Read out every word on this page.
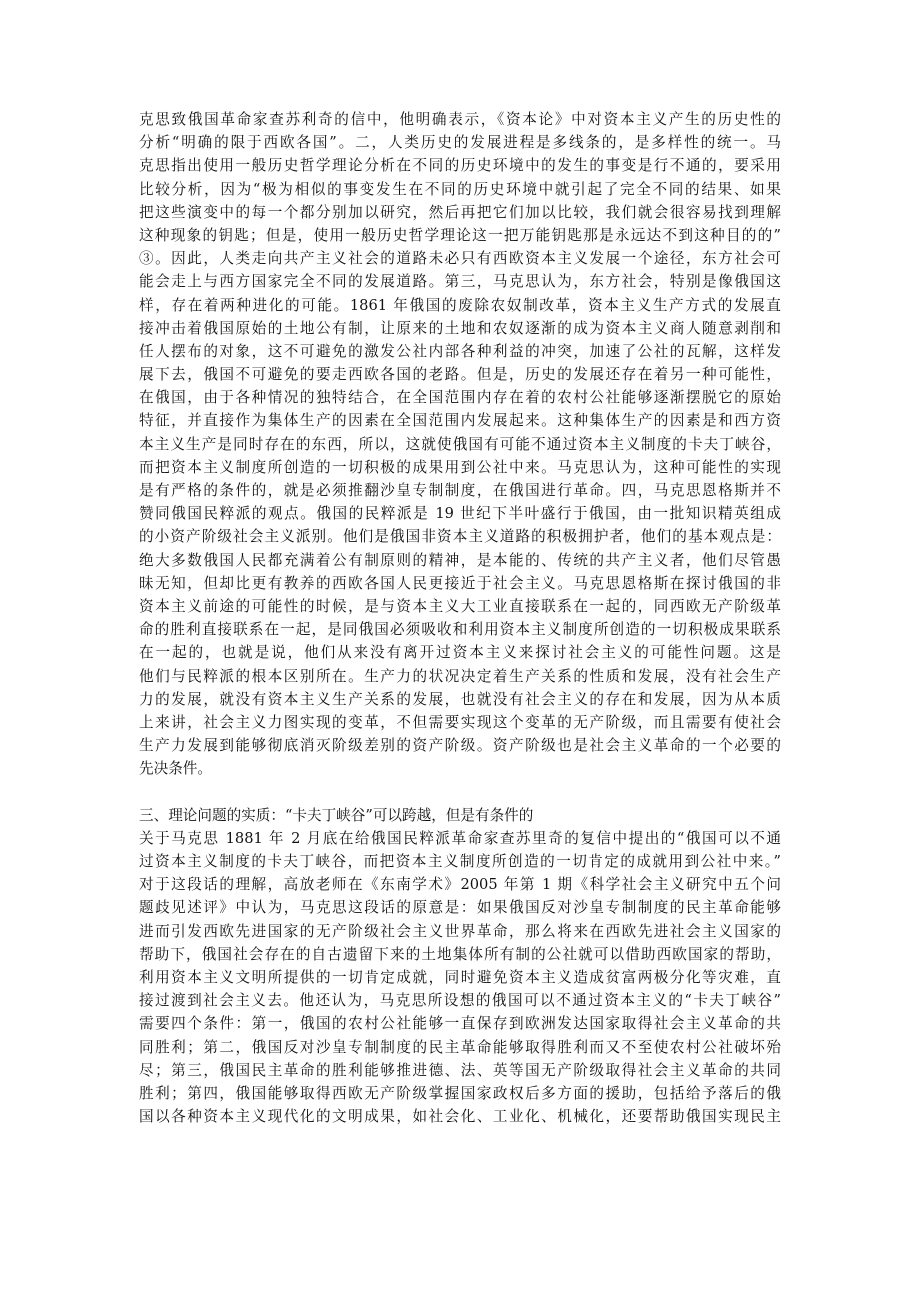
克思致俄国革命家查苏利奇的信中，他明确表示，《资本论》中对资本主义产生的历史性的
分析“明确的限于西欧各国”。二，人类历史的发展进程是多线条的，是多样性的统一。马
克思指出使用一般历史哲学理论分析在不同的历史环境中的发生的事变是行不通的，要采用
比较分析，因为“极为相似的事变发生在不同的历史环境中就引起了完全不同的结果、如果
把这些演变中的每一个都分别加以研究，然后再把它们加以比较，我们就会很容易找到理解
这种现象的钥匙；但是，使用一般历史哲学理论这一把万能钥匙那是永远达不到这种目的的”
③。因此，人类走向共产主义社会的道路未必只有西欧资本主义发展一个途径，东方社会可
能会走上与西方国家完全不同的发展道路。第三，马克思认为，东方社会，特别是像俄国这
样，存在着两种进化的可能。1861 年俄国的废除农奴制改革，资本主义生产方式的发展直
接冲击着俄国原始的土地公有制，让原来的土地和农奴逐渐的成为资本主义商人随意剥削和
任人摆布的对象，这不可避免的激发公社内部各种利益的冲突，加速了公社的瓦解，这样发
展下去，俄国不可避免的要走西欧各国的老路。但是，历史的发展还存在着另一种可能性，
在俄国，由于各种情况的独特结合，在全国范围内存在着的农村公社能够逐渐摆脱它的原始
特征，并直接作为集体生产的因素在全国范围内发展起来。这种集体生产的因素是和西方资
本主义生产是同时存在的东西，所以，这就使俄国有可能不通过资本主义制度的卡夫丁峡谷，
而把资本主义制度所创造的一切积极的成果用到公社中来。马克思认为，这种可能性的实现
是有严格的条件的，就是必须推翻沙皇专制制度，在俄国进行革命。四，马克思恩格斯并不
赞同俄国民粹派的观点。俄国的民粹派是 19 世纪下半叶盛行于俄国，由一批知识精英组成
的小资产阶级社会主义派别。他们是俄国非资本主义道路的积极拥护者，他们的基本观点是：
绝大多数俄国人民都充满着公有制原则的精神，是本能的、传统的共产主义者，他们尽管愚
昧无知，但却比更有教养的西欧各国人民更接近于社会主义。马克思恩格斯在探讨俄国的非
资本主义前途的可能性的时候，是与资本主义大工业直接联系在一起的，同西欧无产阶级革
命的胜利直接联系在一起，是同俄国必须吸收和利用资本主义制度所创造的一切积极成果联系
在一起的，也就是说，他们从来没有离开过资本主义来探讨社会主义的可能性问题。这是
他们与民粹派的根本区别所在。生产力的状况决定着生产关系的性质和发展，没有社会生产
力的发展，就没有资本主义生产关系的发展，也就没有社会主义的存在和发展，因为从本质
上来讲，社会主义力图实现的变革，不但需要实现这个变革的无产阶级，而且需要有使社会
生产力发展到能够彻底消灭阶级差别的资产阶级。资产阶级也是社会主义革命的一个必要的
先决条件。
三、理论问题的实质：“卡夫丁峡谷”可以跨越，但是有条件的
关于马克思 1881 年 2 月底在给俄国民粹派革命家查苏里奇的复信中提出的“俄国可以不通
过资本主义制度的卡夫丁峡谷，而把资本主义制度所创造的一切肯定的成就用到公社中来。”
对于这段话的理解，高放老师在《东南学术》2005 年第 1 期《科学社会主义研究中五个问
题歧见述评》中认为，马克思这段话的原意是：如果俄国反对沙皇专制制度的民主革命能够
进而引发西欧先进国家的无产阶级社会主义世界革命，那么将来在西欧先进社会主义国家的
帮助下，俄国社会存在的自古遗留下来的土地集体所有制的公社就可以借助西欧国家的帮助，
利用资本主义文明所提供的一切肯定成就，同时避免资本主义造成贫富两极分化等灾难，直
接过渡到社会主义去。他还认为，马克思所设想的俄国可以不通过资本主义的“卡夫丁峡谷”
需要四个条件：第一，俄国的农村公社能够一直保存到欧洲发达国家取得社会主义革命的共
同胜利；第二，俄国反对沙皇专制制度的民主革命能够取得胜利而又不至使农村公社破坏殆
尽；第三，俄国民主革命的胜利能够推进德、法、英等国无产阶级取得社会主义革命的共同
胜利；第四，俄国能够取得西欧无产阶级掌握国家政权后多方面的援助，包括给予落后的俄
国以各种资本主义现代化的文明成果，如社会化、工业化、机械化，还要帮助俄国实现民主
